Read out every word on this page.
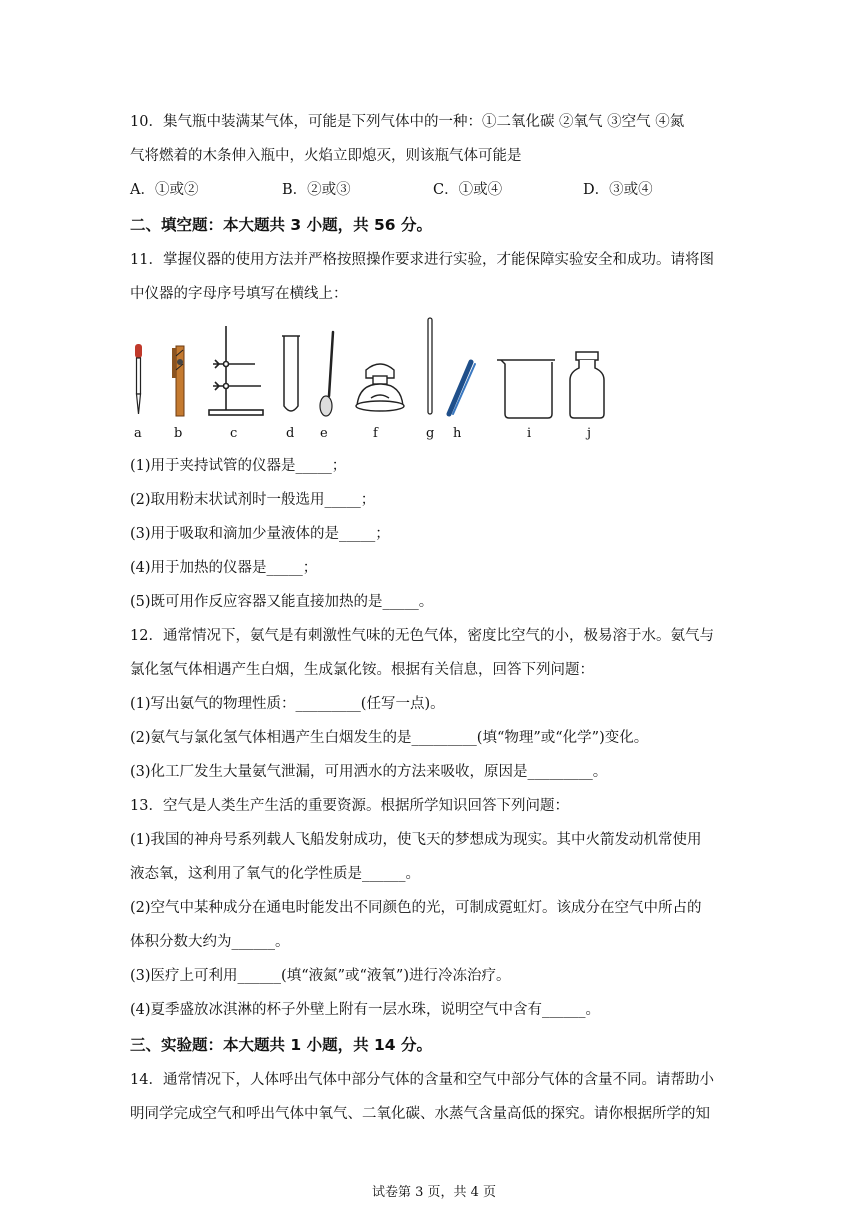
10．集气瓶中装满某气体，可能是下列气体中的一种：①二氧化碳 ②氧气 ③空气 ④氮
气将燃着的木条伸入瓶中，火焰立即熄灭，则该瓶气体可能是
A．①或②	B．②或③	C．①或④	D．③或④
二、填空题：本大题共 3 小题，共 56 分。
11．掌握仪器的使用方法并严格按照操作要求进行实验，才能保障实验安全和成功。请将图
中仪器的字母序号填写在横线上：
a b	c	d e	f	g h	i	j
(1)用于夹持试管的仪器是_____；
(2)取用粉末状试剂时一般选用_____；
(3)用于吸取和滴加少量液体的是_____；
(4)用于加热的仪器是_____；
(5)既可用作反应容器又能直接加热的是_____。
12．通常情况下，氨气是有刺激性气味的无色气体，密度比空气的小，极易溶于水。氨气与
氯化氢气体相遇产生白烟，生成氯化铵。根据有关信息，回答下列问题：
(1)写出氨气的物理性质：_________(任写一点)。
(2)氨气与氯化氢气体相遇产生白烟发生的是_________(填“物理”或“化学”)变化。
(3)化工厂发生大量氨气泄漏，可用洒水的方法来吸收，原因是_________。
13．空气是人类生产生活的重要资源。根据所学知识回答下列问题：
(1)我国的神舟号系列载人飞船发射成功，使飞天的梦想成为现实。其中火箭发动机常使用
液态氧，这利用了氧气的化学性质是______。
(2)空气中某种成分在通电时能发出不同颜色的光，可制成霓虹灯。该成分在空气中所占的
体积分数大约为______。
(3)医疗上可利用______(填“液氮”或“液氧”)进行冷冻治疗。
(4)夏季盛放冰淇淋的杯子外壁上附有一层水珠，说明空气中含有______。
三、实验题：本大题共 1 小题，共 14 分。
14．通常情况下，人体呼出气体中部分气体的含量和空气中部分气体的含量不同。请帮助小
明同学完成空气和呼出气体中氧气、二氧化碳、水蒸气含量高低的探究。请你根据所学的知
试卷第 3 页，共 4 页
